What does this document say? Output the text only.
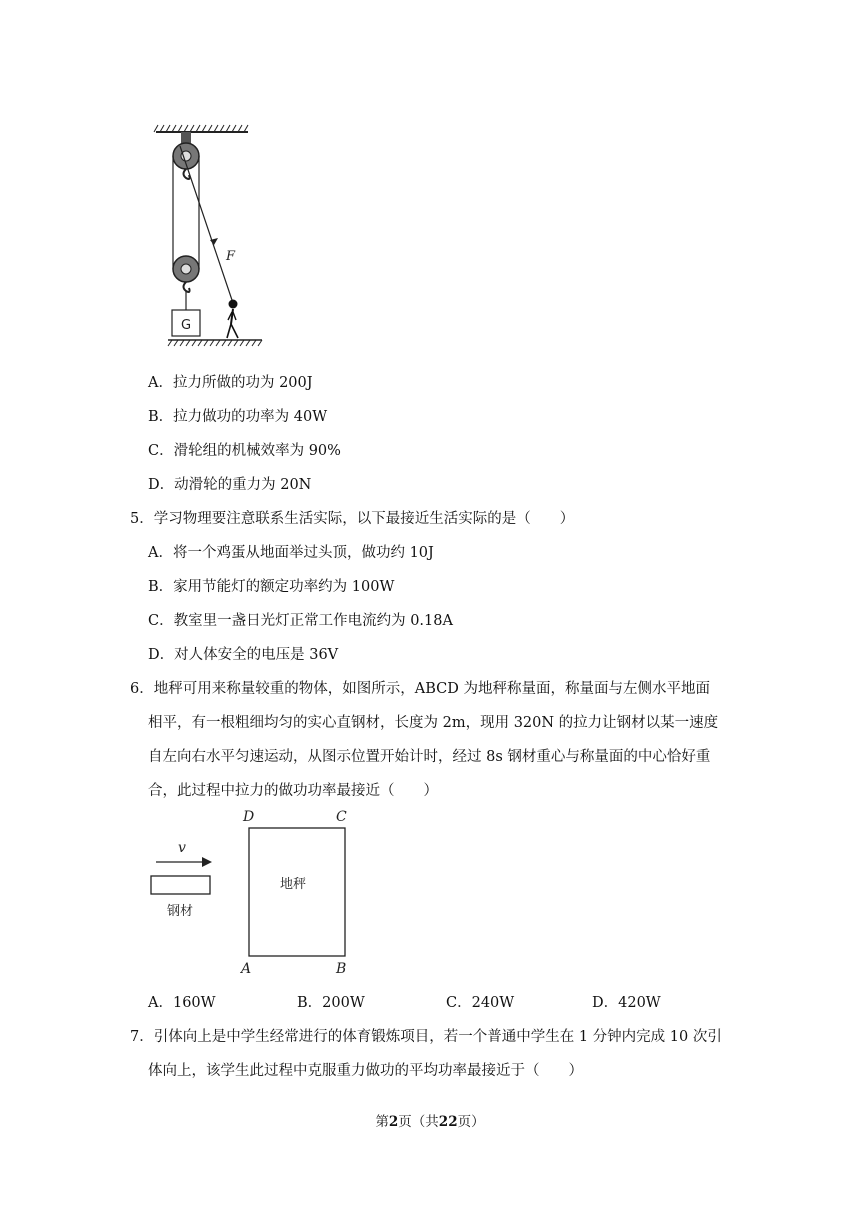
G
F
A．拉力所做的功为 200J
B．拉力做功的功率为 40W
C．滑轮组的机械效率为 90%
D．动滑轮的重力为 20N
5．学习物理要注意联系生活实际，以下最接近生活实际的是（　　）
A．将一个鸡蛋从地面举过头顶，做功约 10J
B．家用节能灯的额定功率约为 100W
C．教室里一盏日光灯正常工作电流约为 0.18A
D．对人体安全的电压是 36V
6．地秤可用来称量较重的物体，如图所示，ABCD 为地秤称量面，称量面与左侧水平地面
相平，有一根粗细均匀的实心直钢材，长度为 2m，现用 320N 的拉力让钢材以某一速度
自左向右水平匀速运动，从图示位置开始计时，经过 8s 钢材重心与称量面的中心恰好重
合，此过程中拉力的做功功率最接近（　　）
D	C
A	B
地秤
v
钢材
A．160W	B．200W	C．240W	D．420W
7．引体向上是中学生经常进行的体育锻炼项目，若一个普通中学生在 1 分钟内完成 10 次引
体向上，该学生此过程中克服重力做功的平均功率最接近于（　　）
第2页（共22页）
